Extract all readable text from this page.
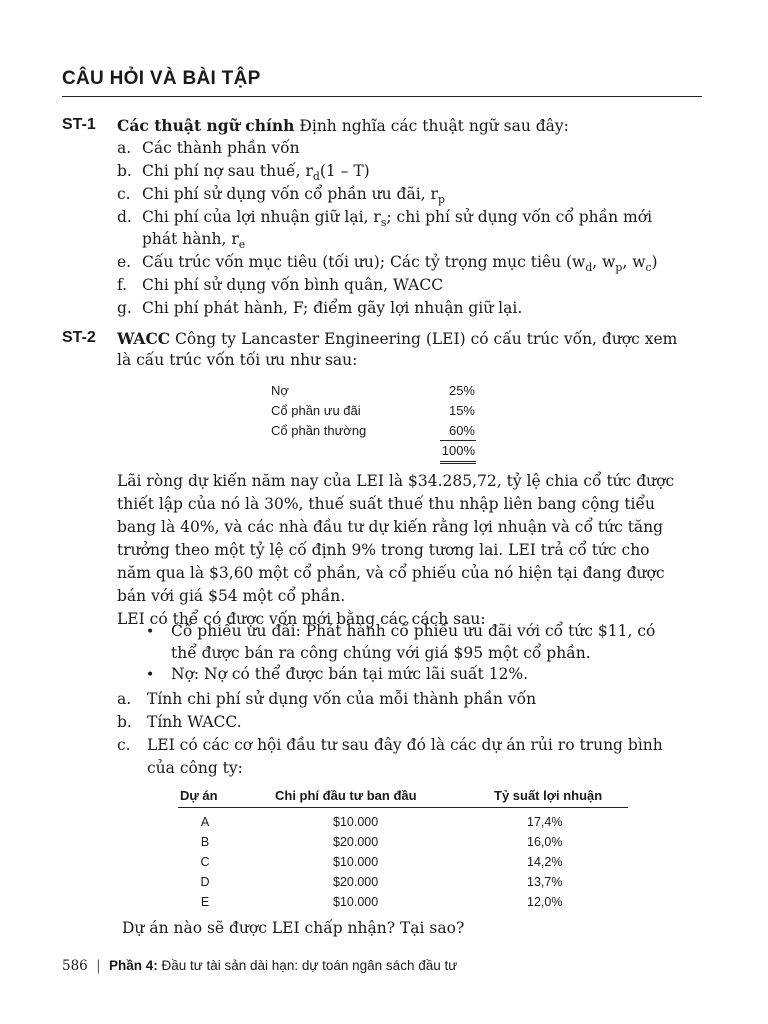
CÂU HỎI VÀ BÀI TẬP
ST-1 Các thuật ngữ chính Định nghĩa các thuật ngữ sau đây:
a. Các thành phần vốn
b. Chi phí nợ sau thuế, $r_d(1 - T)$
c. Chi phí sử dụng vốn cổ phần ưu đãi, $r_p$
d. Chi phí của lợi nhuận giữ lại, $r_s$; chi phí sử dụng vốn cổ phần mới
phát hành, $r_e$
e. Cấu trúc vốn mục tiêu (tối ưu); Các tỷ trọng mục tiêu ($w_d$, $w_p$, $w_c$)
f. Chi phí sử dụng vốn bình quân, WACC
g. Chi phí phát hành, F; điểm gãy lợi nhuận giữ lại.
ST-2 WACC Công ty Lancaster Engineering (LEI) có cấu trúc vốn, được xem
là cấu trúc vốn tối ưu như sau:
Nợ	25%
Cổ phần ưu đãi	15%
Cổ phần thường	60%
100%
Lãi ròng dự kiến năm nay của LEI là $34.285,72, tỷ lệ chia cổ tức được
thiết lập của nó là 30%, thuế suất thuế thu nhập liên bang cộng tiểu
bang là 40%, và các nhà đầu tư dự kiến rằng lợi nhuận và cổ tức tăng
trưởng theo một tỷ lệ cố định 9% trong tương lai. LEI trả cổ tức cho
năm qua là $3,60 một cổ phần, và cổ phiếu của nó hiện tại đang được
bán với giá $54 một cổ phần.
LEI có thể có được vốn mới bằng các cách sau:
• Cổ phiếu ưu đãi: Phát hành cổ phiếu ưu đãi với cổ tức $11, có
thể được bán ra công chúng với giá $95 một cổ phần.
• Nợ: Nợ có thể được bán tại mức lãi suất 12%.
a. Tính chi phí sử dụng vốn của mỗi thành phần vốn
b. Tính WACC.
c. LEI có các cơ hội đầu tư sau đây đó là các dự án rủi ro trung bình
của công ty:
Dự án	Chi phí đầu tư ban đầu	Tỷ suất lợi nhuận
A	$10.000	17,4%
B	$20.000	16,0%
C	$10.000	14,2%
D	$20.000	13,7%
E	$10.000	12,0%
Dự án nào sẽ được LEI chấp nhận? Tại sao?
586 | Phần 4: Đầu tư tài sản dài hạn: dự toán ngân sách đầu tư
